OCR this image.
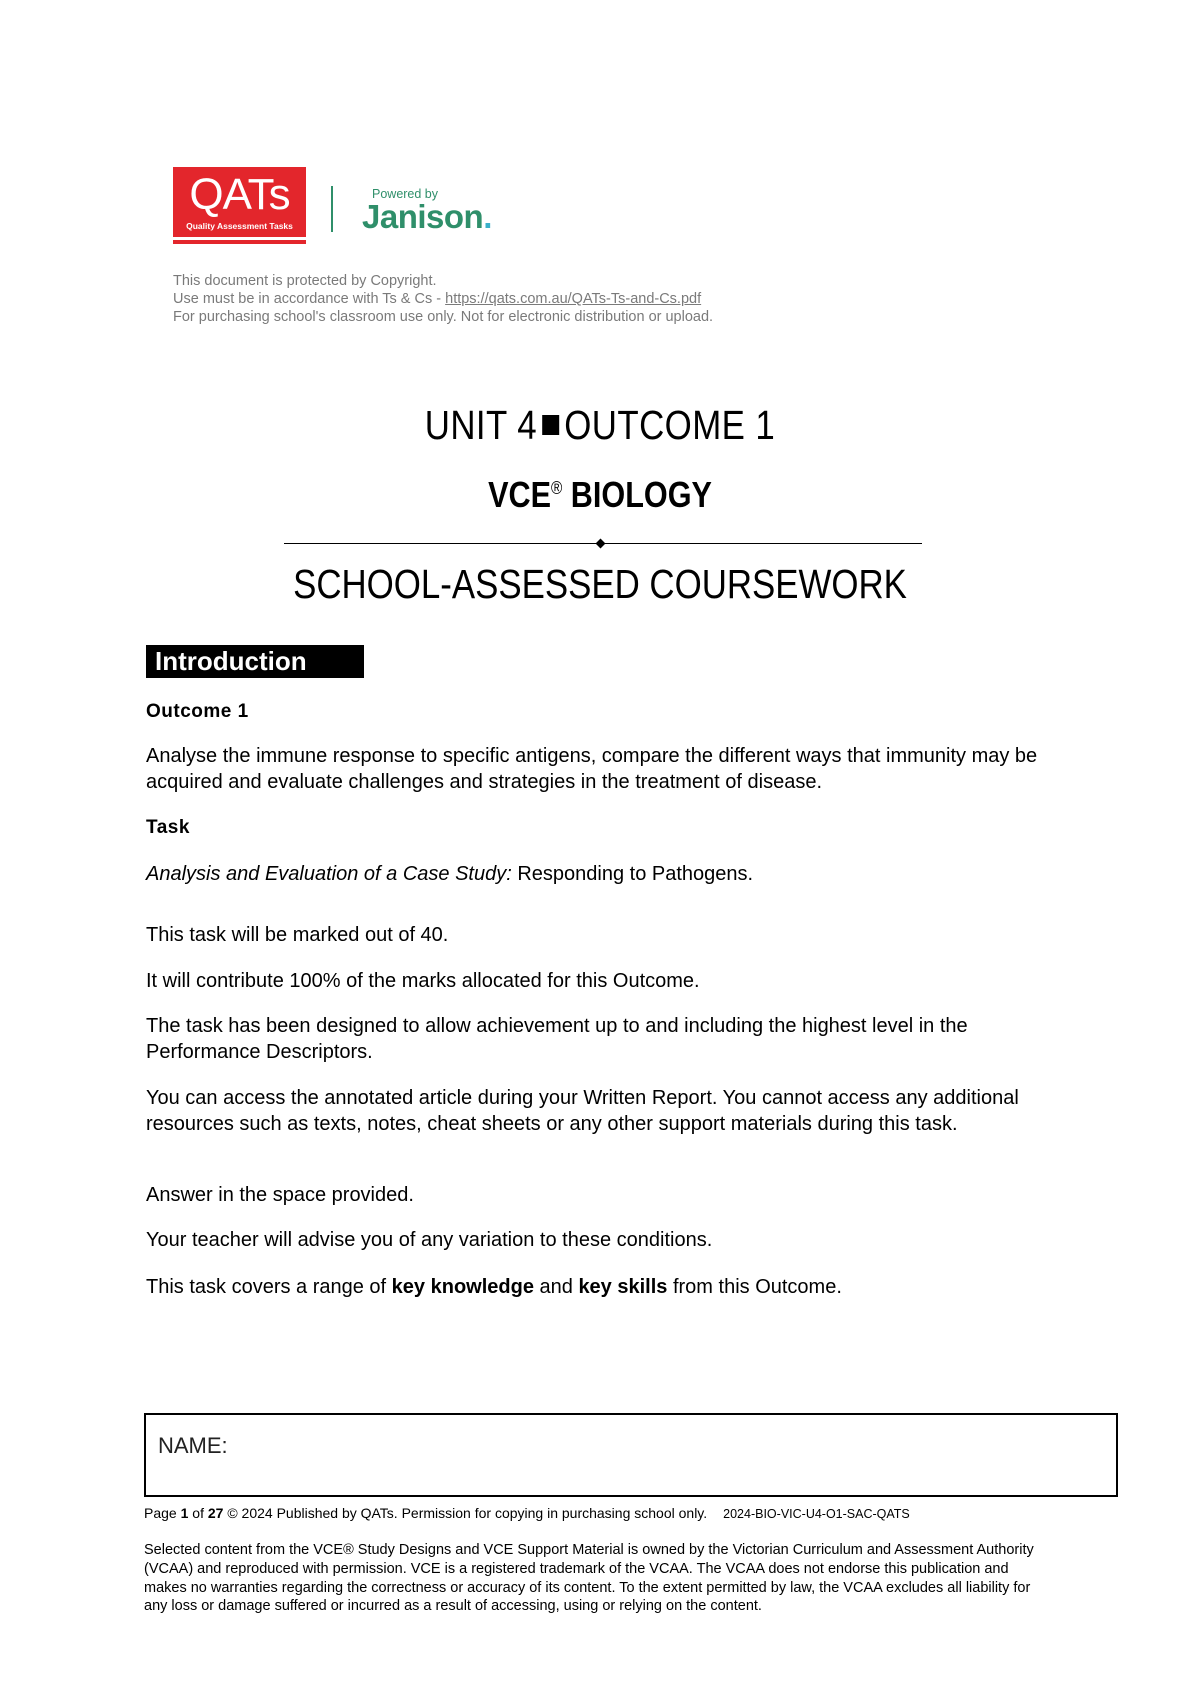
QATs
Quality Assessment Tasks
Powered by
Janison.
This document is protected by Copyright.
Use must be in accordance with Ts & Cs - https://qats.com.au/QATs-Ts-and-Cs.pdf
For purchasing school's classroom use only. Not for electronic distribution or upload.
UNIT 4 OUTCOME 1
VCE® BIOLOGY
SCHOOL-ASSESSED COURSEWORK
Introduction
Outcome 1
Analyse the immune response to specific antigens, compare the different ways that immunity may be acquired and evaluate challenges and strategies in the treatment of disease.
Task
Analysis and Evaluation of a Case Study: Responding to Pathogens.
This task will be marked out of 40.
It will contribute 100% of the marks allocated for this Outcome.
The task has been designed to allow achievement up to and including the highest level in the Performance Descriptors.
You can access the annotated article during your Written Report. You cannot access any additional resources such as texts, notes, cheat sheets or any other support materials during this task.
Answer in the space provided.
Your teacher will advise you of any variation to these conditions.
This task covers a range of key knowledge and key skills from this Outcome.
NAME:
Page 1 of 27 © 2024 Published by QATs. Permission for copying in purchasing school only. 2024-BIO-VIC-U4-O1-SAC-QATS
Selected content from the VCE® Study Designs and VCE Support Material is owned by the Victorian Curriculum and Assessment Authority (VCAA) and reproduced with permission. VCE is a registered trademark of the VCAA. The VCAA does not endorse this publication and makes no warranties regarding the correctness or accuracy of its content. To the extent permitted by law, the VCAA excludes all liability for any loss or damage suffered or incurred as a result of accessing, using or relying on the content.
